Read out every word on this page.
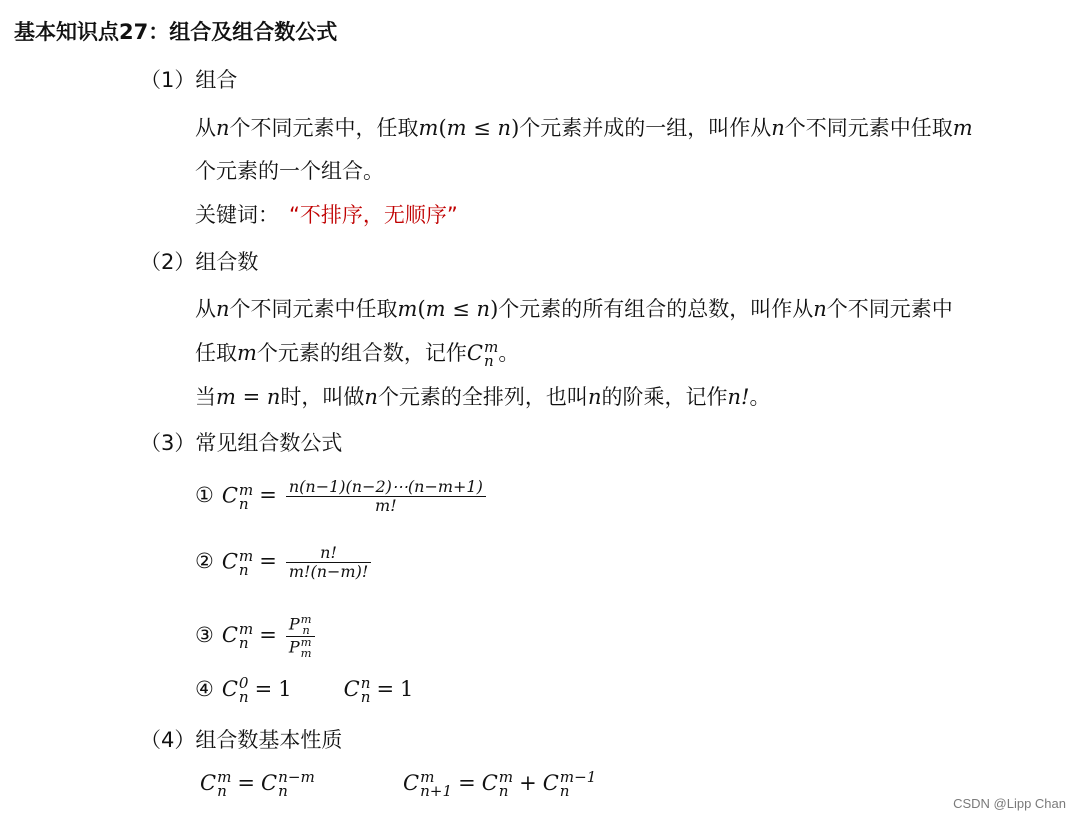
基本知识点27：组合及组合数公式
（1）组合
从n个不同元素中，任取m(m ≤ n)个元素并成的一组，叫作从n个不同元素中任取m
个元素的一个组合。
关键词： “不排序，无顺序”
（2）组合数
从n个不同元素中任取m(m ≤ n)个元素的所有组合的总数，叫作从n个不同元素中
任取m个元素的组合数，记作C m
n 。
当m = n时，叫做n个元素的全排列，也叫n的阶乘，记作n!。
（3）常见组合数公式
① C m
$n = \frac{n(n-1)(n-2)\cdots(n-m+1)}{m!}$
② C m
$n = \frac{n!}{m!(n-m)!}$
③ C m
n = P m
n
P m
m
④ C 0
n = 1 C n
n = 1
（4）组合数基本性质
C m
n = C n−m
n	C m
n+1 = C m
n + C m−1
n
CSDN @Lipp Chan
